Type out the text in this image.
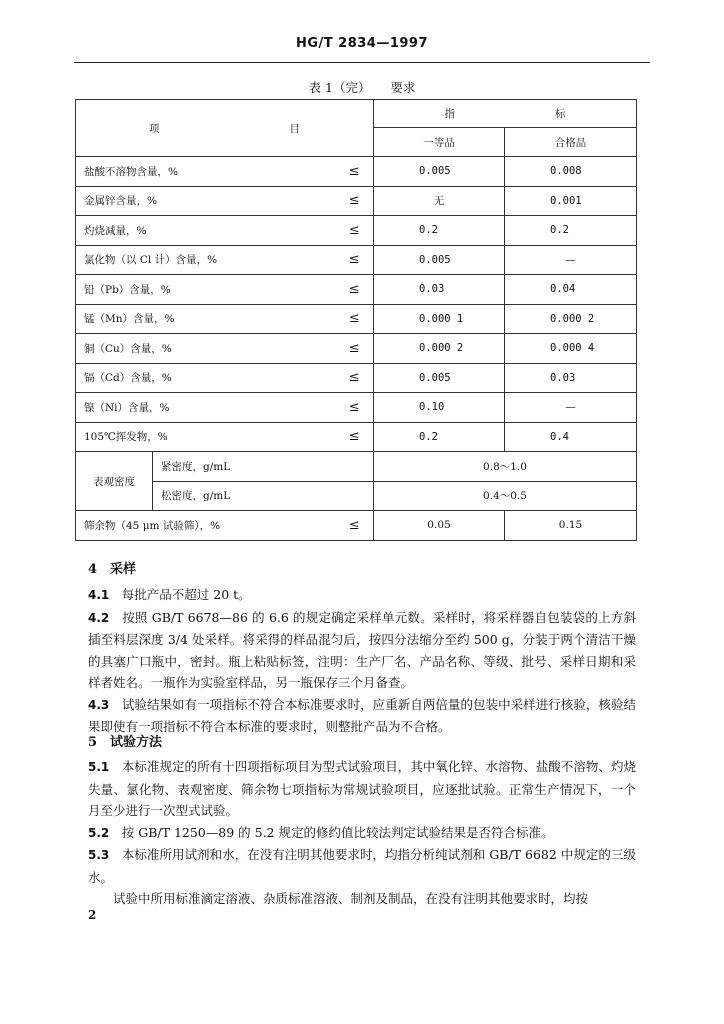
HG/T 2834—1997
表 1（完） 要求
项 目			指 标	
			一等品	合格品
盐酸不溶物含量，%		≤	0.005	0.008
金属锌含量，%		≤	无	0.001
灼烧减量，%		≤	0.2	0.2
氯化物（以 Cl 计）含量，%		≤	0.005	—
铅（Pb）含量，%		≤	0.03	0.04
锰（Mn）含量，%		≤	0.000 1	0.000 2
铜（Cu）含量，%		≤	0.000 2	0.000 4
镉（Cd）含量，%		≤	0.005	0.03
镍（Ni）含量，%		≤	0.10	—
105℃挥发物，%		≤	0.2	0.4
表观密度	紧密度，g/mL		0.8～1.0	
	松密度，g/mL		0.4～0.5	
筛余物（45 μm 试验筛），%		≤	0.05	0.15
4　采样
4.1　 每批产品不超过 20 t。
4.2　 按照 GB/T 6678—86 的 6.6 的规定确定采样单元数。采样时，将采样器自包装袋的上方斜插至料层深度 3/4 处采样。将采得的样品混匀后，按四分法缩分至约 500 g，分装于两个清洁干燥的具塞广口瓶中，密封。瓶上粘贴标签，注明：生产厂名、产品名称、等级、批号、采样日期和采样者姓名。一瓶作为实验室样品，另一瓶保存三个月备查。
4.3　 试验结果如有一项指标不符合本标准要求时，应重新自两倍量的包装中采样进行核验，核验结果即使有一项指标不符合本标准的要求时，则整批产品为不合格。
5　试验方法
5.1　 本标准规定的所有十四项指标项目为型式试验项目，其中氧化锌、水溶物、盐酸不溶物、灼烧失量、氯化物、表观密度、筛余物七项指标为常规试验项目，应逐批试验。正常生产情况下，一个月至少进行一次型式试验。
5.2　 按 GB/T 1250—89 的 5.2 规定的修约值比较法判定试验结果是否符合标准。
5.3　 本标准所用试剂和水，在没有注明其他要求时，均指分析纯试剂和 GB/T 6682 中规定的三级水。
试验中所用标准滴定溶液、杂质标准溶液、制剂及制品，在没有注明其他要求时，均按
2
